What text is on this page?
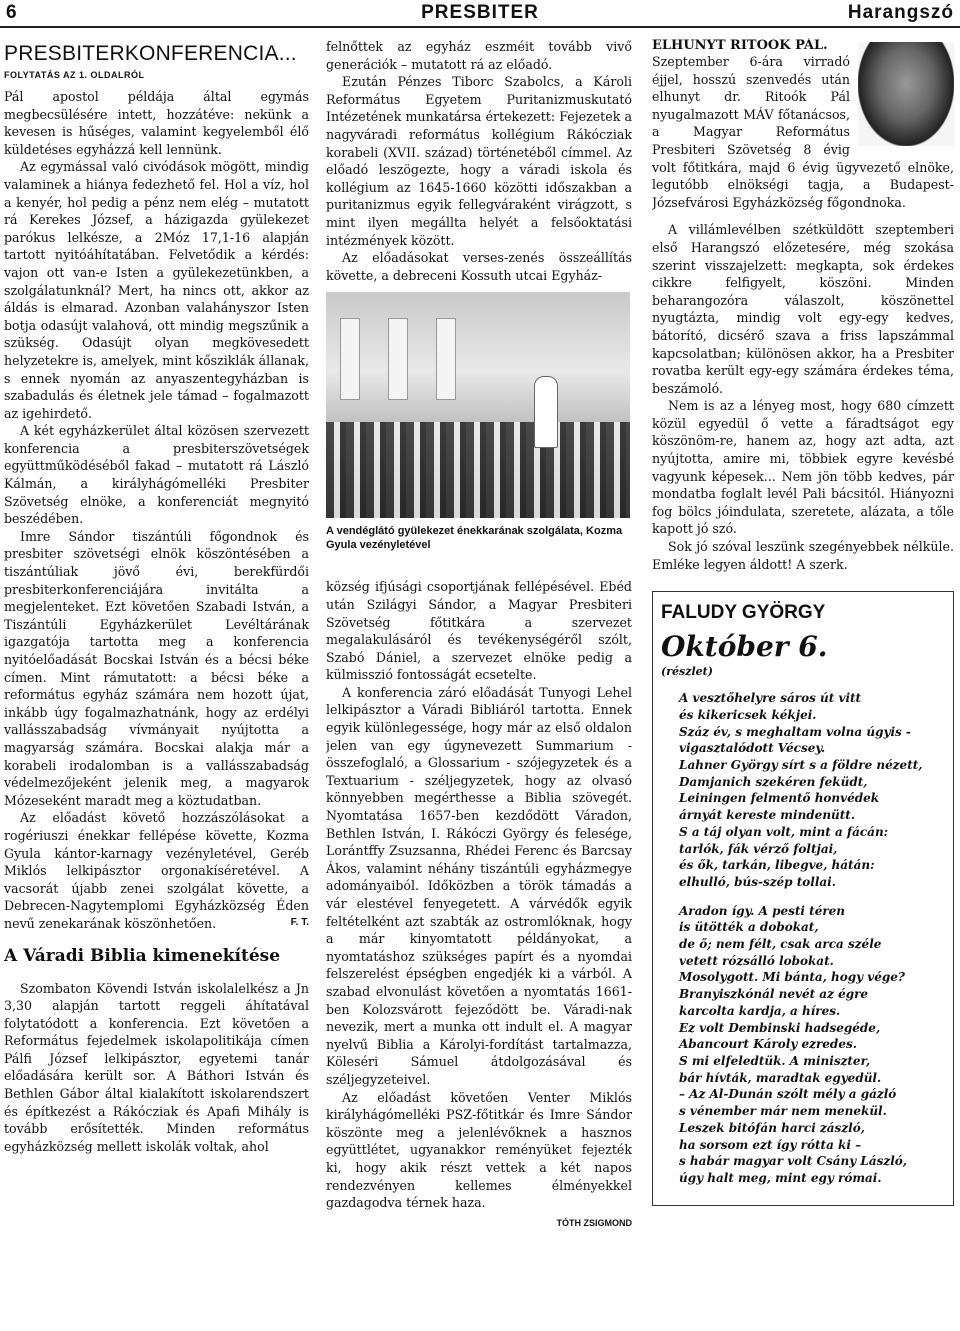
6	PRESBITER	Harangszó
PRESBITERKONFERENCIA...
FOLYTATÁS AZ 1. OLDALRÓL

Pál apostol példája által egymás megbecsülésére intett, hozzátéve: nekünk a kevesen is hűséges, valamint kegyelemből élő küldetéses egyházzá kell lennünk.

Az egymással való civódások mögött, mindig valaminek a hiánya fedezhető fel. Hol a víz, hol a kenyér, hol pedig a pénz nem elég – mutatott rá Kerekes József, a házigazda gyülekezet parókus lelkésze, a 2Móz 17,1-16 alapján tartott nyitóáhítatában. Felvetődik a kérdés: vajon ott van-e Isten a gyülekezetünkben, a szolgálatunknál? Mert, ha nincs ott, akkor az áldás is elmarad. Azonban valahányszor Isten botja odasújt valahová, ott mindig megszűnik a szükség. Odasújt olyan megkövesedett helyzetekre is, amelyek, mint kősziklák állanak, s ennek nyomán az anyaszentegyházban is szabadulás és életnek jele támad – fogalmazott az igehirdető.

A két egyházkerület által közösen szervezett konferencia a presbiterszövetségek együttműködéséből fakad – mutatott rá László Kálmán, a királyhágómelléki Presbiter Szövetség elnöke, a konferenciát megnyitó beszédében.

Imre Sándor tiszántúli főgondnok és presbiter szövetségi elnök köszöntésében a tiszántúliak jövő évi, berekfürdői presbiterkonferenciájára invitálta a megjelenteket. Ezt követően Szabadi István, a Tiszántúli Egyházkerület Levéltárának igazgatója tartotta meg a konferencia nyitóelőadását Bocskai István és a bécsi béke címen. Mint rámutatott: a bécsi béke a református egyház számára nem hozott újat, inkább úgy fogalmazhatnánk, hogy az erdélyi vallásszabadság vívmányait nyújtotta a magyarság számára. Bocskai alakja már a korabeli irodalomban is a vallásszabadság védelmezőjeként jelenik meg, a magyarok Mózeseként maradt meg a köztudatban.

Az előadást követő hozzászólásokat a rogériuszi énekkar fellépése követte, Kozma Gyula kántor-karnagy vezényletével, Geréb Miklós lelkipásztor orgonakíséretével. A vacsorát újabb zenei szolgálat követte, a Debrecen-Nagytemplomi Egyházközség Éden nevű zenekarának köszönhetően.	F. T.
A Váradi Biblia kimenekítése

Szombaton Kövendi István iskolalelkész a Jn 3,30 alapján tartott reggeli áhítatával folytatódott a konferencia. Ezt követően a Református fejedelmek iskolapolitikája címen Pálfi József lelkipásztor, egyetemi tanár előadására került sor. A Báthori István és Bethlen Gábor által kialakított iskolarendszert és építkezést a Rákócziak és Apafi Mihály is tovább erősítették. Minden református egyházközség mellett iskolák voltak, ahol

felnőttek az egyház eszméit tovább vivő generációk – mutatott rá az előadó.

Ezután Pénzes Tiborc Szabolcs, a Károli Református Egyetem Puritanizmuskutató Intézetének munkatársa értekezett: Fejezetek a nagyváradi református kollégium Rákócziak korabeli (XVII. század) történetéből címmel. Az előadó leszögezte, hogy a váradi iskola és kollégium az 1645-1660 közötti időszakban a puritanizmus egyik fellegváraként virágzott, s mint ilyen megállta helyét a felsőoktatási intézmények között.

Az előadásokat verses-zenés összeállítás követte, a debreceni Kossuth utcai Egyház-

A vendéglátó gyülekezet énekkarának szolgálata, Kozma Gyula vezényletével

község ifjúsági csoportjának fellépésével. Ebéd után Szilágyi Sándor, a Magyar Presbiteri Szövetség főtitkára a szervezet megalakulásáról és tevékenységéről szólt, Szabó Dániel, a szervezet elnöke pedig a külmisszió fontosságát ecsetelte.

A konferencia záró előadását Tunyogi Lehel lelkipásztor a Váradi Bibliáról tartotta. Ennek egyik különlegessége, hogy már az első oldalon jelen van egy úgynevezett Summarium - összefoglaló, a Glossarium - szójegyzetek és a Textuarium - széljegyzetek, hogy az olvasó könnyebben megérthesse a Biblia szövegét. Nyomtatása 1657-ben kezdődött Váradon, Bethlen István, I. Rákóczi György és felesége, Lorántffy Zsuzsanna, Rhédei Ferenc és Barcsay Ákos, valamint néhány tiszántúli egyházmegye adományaiból. Időközben a török támadás a vár elestével fenyegetett. A várvédők egyik feltételként azt szabták az ostromlóknak, hogy a már kinyomtatott példányokat, a nyomtatáshoz szükséges papírt és a nyomdai felszerelést épségben engedjék ki a várból. A szabad elvonulást követően a nyomtatás 1661-ben Kolozsvárott fejeződött be. Váradi-nak nevezik, mert a munka ott indult el. A magyar nyelvű Biblia a Károlyi-fordítást tartalmazza, Köleséri Sámuel átdolgozásával és széljegyzeteivel.

Az előadást követően Venter Miklós királyhágómelléki PSZ-főtitkár és Imre Sándor köszönte meg a jelenlévőknek a hasznos együttlétet, ugyanakkor reményüket fejezték ki, hogy akik részt vettek a két napos rendezvényen kellemes élményekkel gazdagodva térnek haza.

TÓTH ZSIGMOND
ELHUNYT RITOÓK PÁL.

Szeptember 6-ára virradó éjjel, hosszú szenvedés után elhunyt dr. Ritoók Pál nyugalmazott MÁV főtanácsos, a Magyar Református Presbiteri Szövetség 8 évig volt főtitkára, majd 6 évig ügyvezető elnöke, legutóbb elnökségi tagja, a Budapest-Józsefvárosi Egyházközség főgondnoka.

A villámlevélben szétküldött szeptemberi első Harangszó előzetesére, még szokása szerint visszajelzett: megkapta, sok érdekes cikkre felfigyelt, köszöni. Minden beharangozóra válaszolt, köszönettel nyugtázta, mindig volt egy-egy kedves, bátorító, dicsérő szava a friss lapszámmal kapcsolatban; különösen akkor, ha a Presbiter rovatba került egy-egy számára érdekes téma, beszámoló.

Nem is az a lényeg most, hogy 680 címzett közül egyedül ő vette a fáradtságot egy köszönöm-re, hanem az, hogy azt adta, azt nyújtotta, amire mi, többiek egyre kevésbé vagyunk képesek... Nem jön több kedves, pár mondatba foglalt levél Pali bácsitól. Hiányozni fog bölcs jóindulata, szeretete, alázata, a tőle kapott jó szó.

Sok jó szóval leszünk szegényebbek nélküle. Emléke legyen áldott! A szerk.

FALUDY GYÖRGY
Október 6.
(részlet)
A vesztőhelyre sáros út vitt
és kikericsek kékjei.
Száz év, s meghaltam volna úgyis -
vigasztalódott Vécsey.
Lahner György sírt s a földre nézett,
Damjanich szekéren feküdt,
Leiningen felmentő honvédek
árnyát kereste mindenütt.
S a táj olyan volt, mint a fácán:
tarlók, fák vérző foltjai,
és ők, tarkán, libegve, hátán:
elhulló, bús-szép tollai.
Aradon így. A pesti téren
is ütötték a dobokat,
de ő; nem félt, csak arca széle
vetett rózsálló lobokat.
Mosolygott. Mi bánta, hogy vége?
Branyiszkónál nevét az égre
karcolta kardja, a híres.
Ez volt Dembinski hadsegéde,
Abancourt Károly ezredes.
S mi elfeledtük. A miniszter,
bár hívták, maradtak egyedül.
– Az Al-Dunán szólt mély a gázló
s vénember már nem menekül.
Leszek bitófán harci zászló,
ha sorsom ezt így rótta ki –
s habár magyar volt Csány László,
úgy halt meg, mint egy római.
